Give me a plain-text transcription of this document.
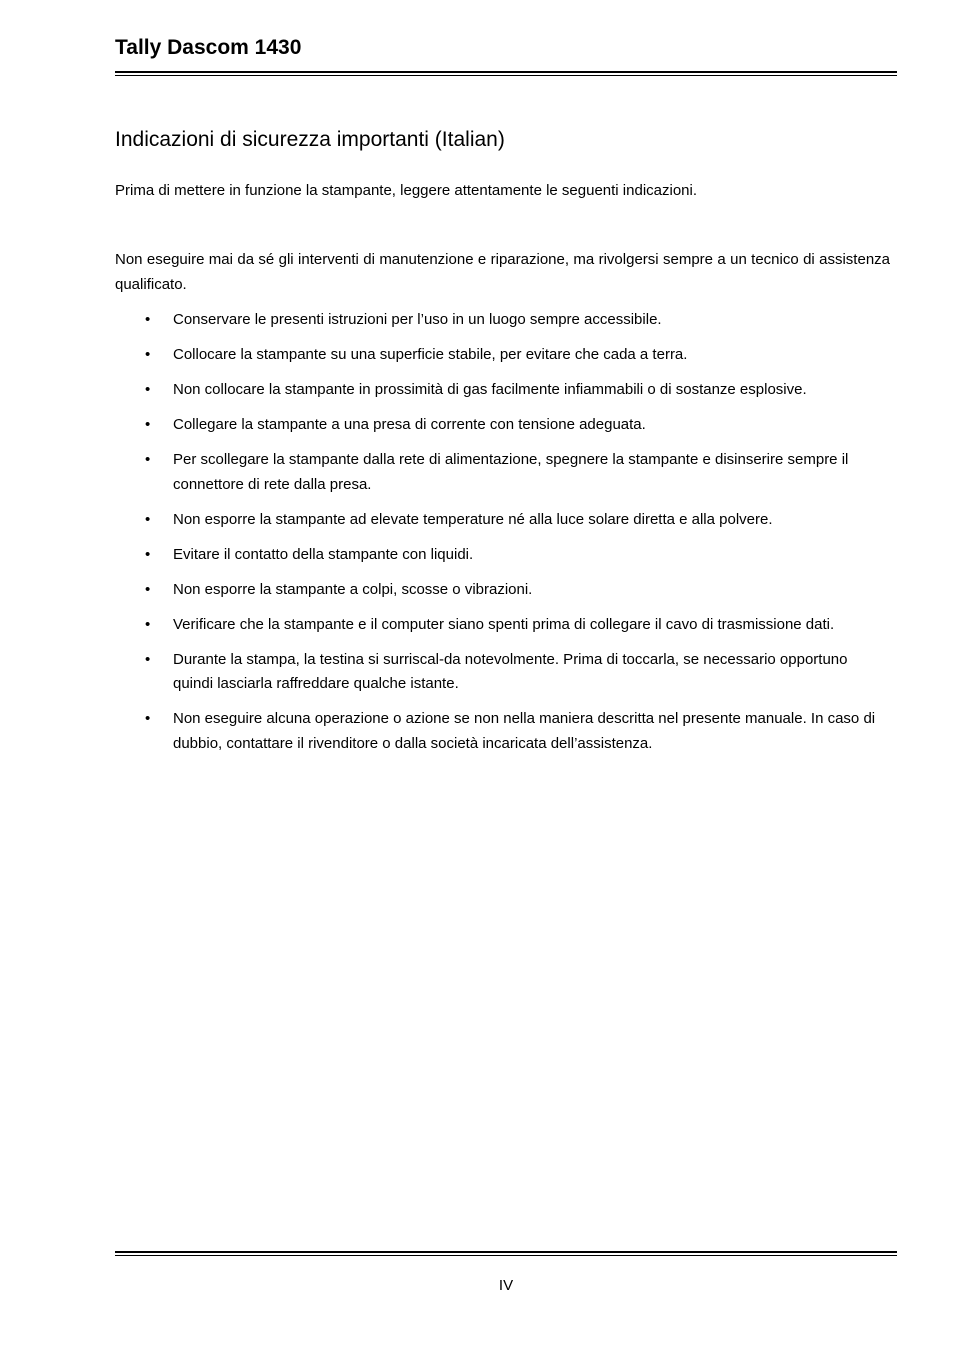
Tally Dascom 1430
Indicazioni di sicurezza importanti (Italian)

Prima di mettere in funzione la stampante, leggere attentamente le seguenti indicazioni.

Non eseguire mai da sé gli interventi di manutenzione e riparazione, ma rivolgersi sempre a un tecnico di assistenza qualificato.

• Conservare le presenti istruzioni per l’uso in un luogo sempre accessibile.
• Collocare la stampante su una superficie stabile, per evitare che cada a terra.
• Non collocare la stampante in prossimità di gas facilmente infiammabili o di sostanze esplosive.
• Collegare la stampante a una presa di corrente con tensione adeguata.
• Per scollegare la stampante dalla rete di alimentazione, spegnere la stampante e disinserire sempre il connettore di rete dalla presa.
• Non esporre la stampante ad elevate temperature né alla luce solare diretta e alla polvere.
• Evitare il contatto della stampante con liquidi.
• Non esporre la stampante a colpi, scosse o vibrazioni.
• Verificare che la stampante e il computer siano spenti prima di collegare il cavo di trasmissione dati.
• Durante la stampa, la testina si surriscal-da notevolmente. Prima di toccarla, se necessario opportuno quindi lasciarla raffreddare qualche istante.
• Non eseguire alcuna operazione o azione se non nella maniera descritta nel presente manuale. In caso di dubbio, contattare il rivenditore o dalla società incaricata dell’assistenza.
IV
